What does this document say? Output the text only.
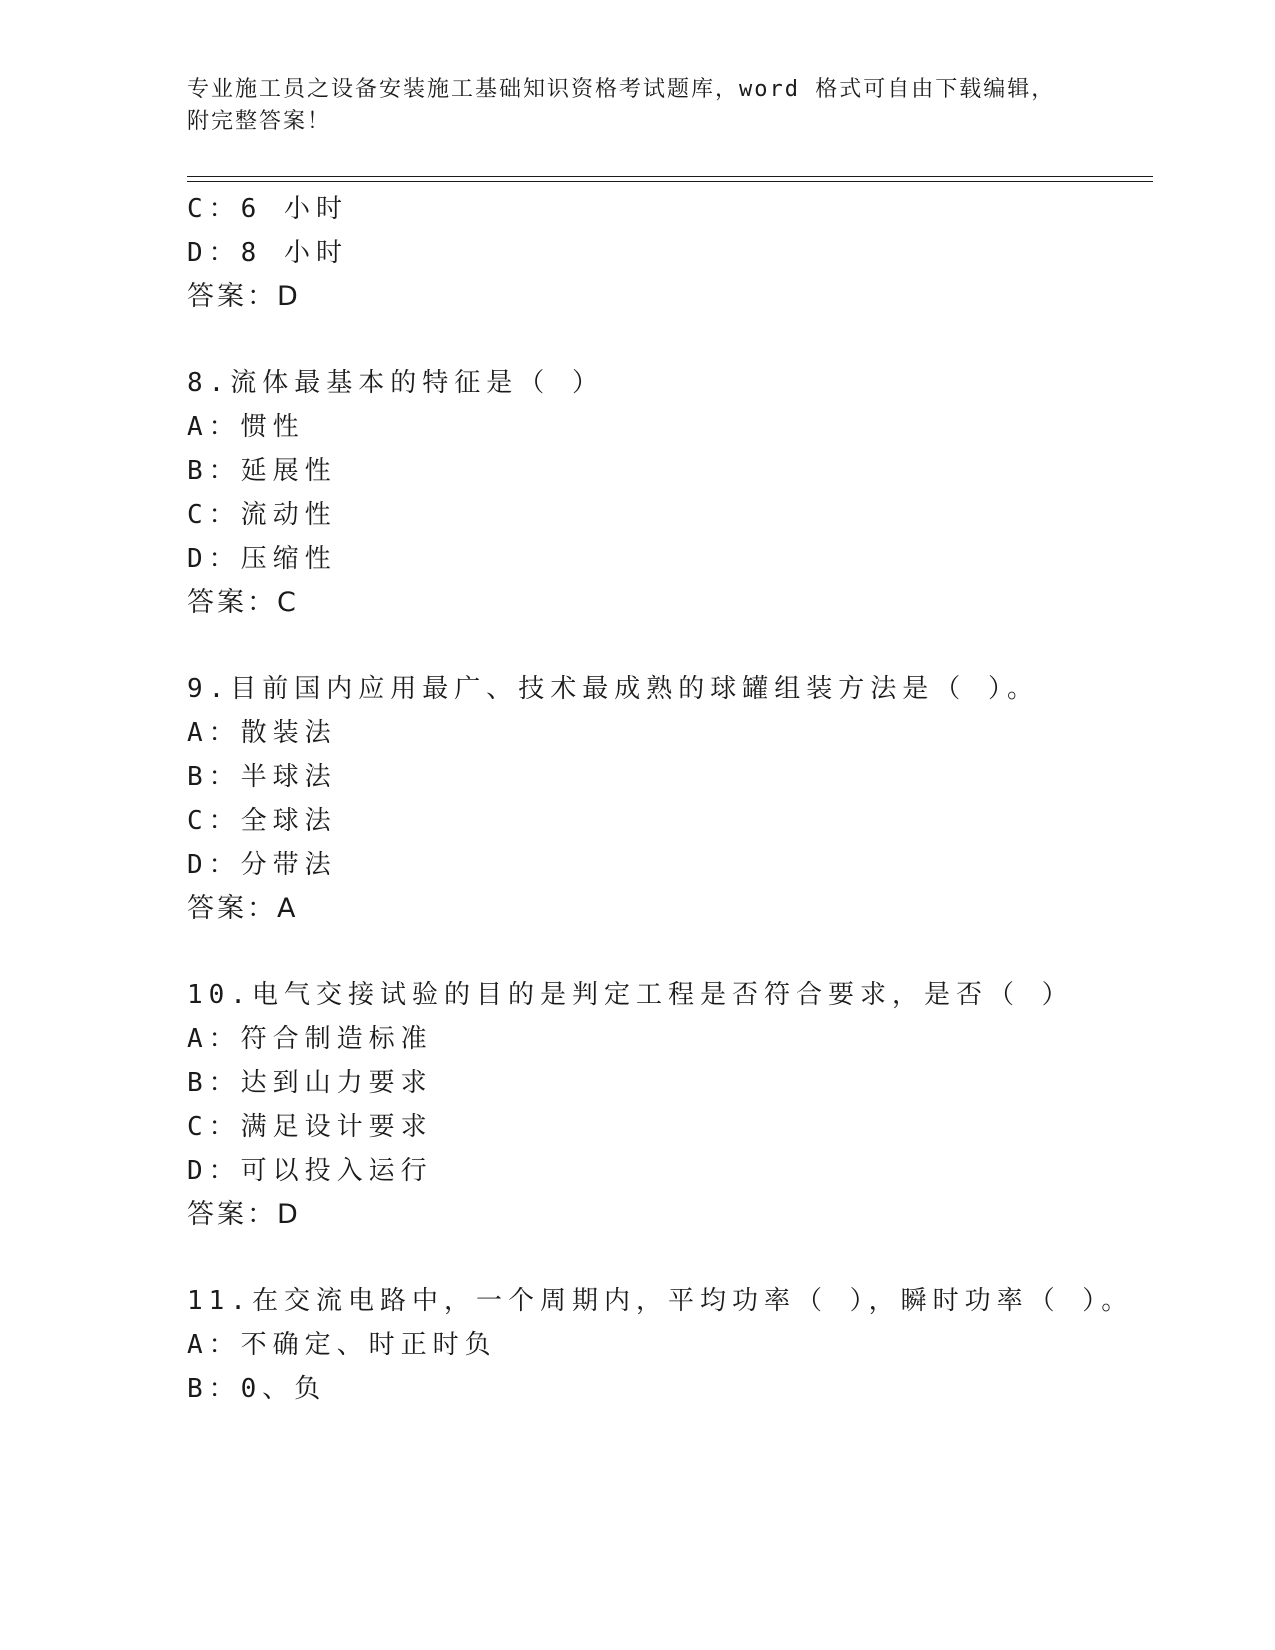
专业施工员之设备安装施工基础知识资格考试题库，word 格式可自由下载编辑，附完整答案！
C：6 小时
D：8 小时
答案：D
8.流体最基本的特征是（ ）
A：惯性
B：延展性
C：流动性
D：压缩性
答案：C
9.目前国内应用最广、技术最成熟的球罐组装方法是（ ）。
A：散装法
B：半球法
C：全球法
D：分带法
答案：A
10.电气交接试验的目的是判定工程是否符合要求，是否（ ）
A：符合制造标准
B：达到山力要求
C：满足设计要求
D：可以投入运行
答案：D
11.在交流电路中，一个周期内，平均功率（ ），瞬时功率（ ）。
A：不确定、时正时负
B：0、负
